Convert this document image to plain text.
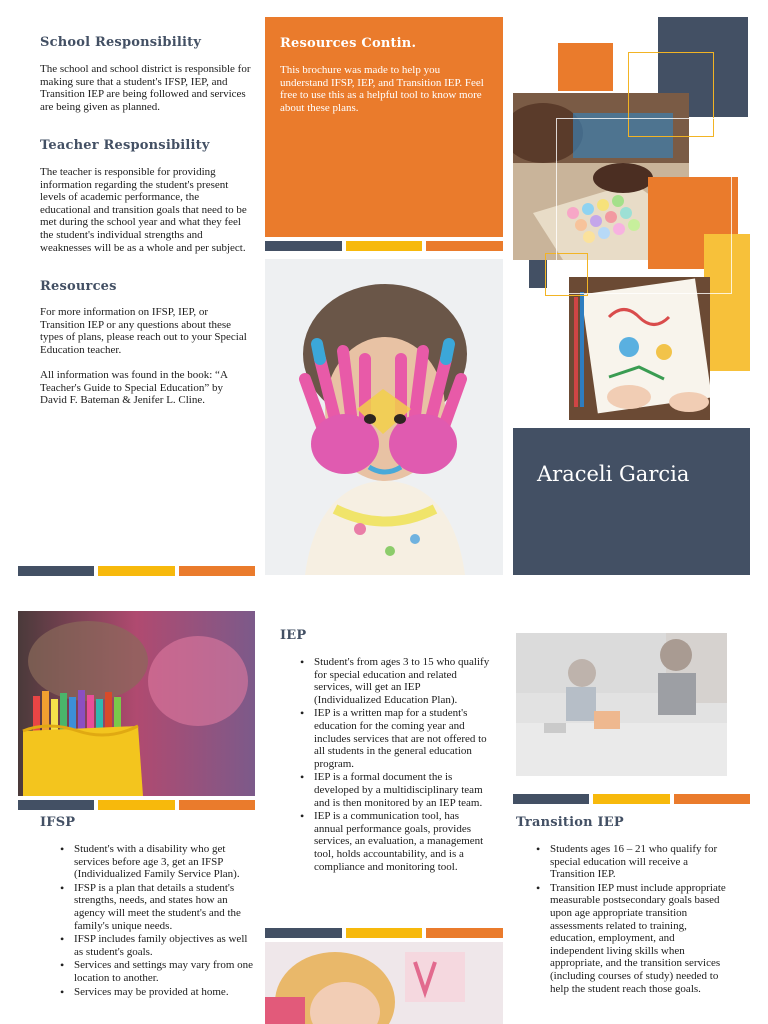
School Responsibility
The school and school district is responsible for making sure that a student's IFSP, IEP, and Transition IEP are being followed and services are being given as planned.
Teacher Responsibility
The teacher is responsible for providing information regarding the student's present levels of academic performance, the educational and transition goals that need to be met during the school year and what they feel the student's individual strengths and weaknesses will be as a whole and per subject.
Resources
For more information on IFSP, IEP, or Transition IEP or any questions about these types of plans, please reach out to your Special Education teacher.
All information was found in the book: “A Teacher's Guide to Special Education” by David F. Bateman & Jenifer L. Cline.
Resources Contin.
This brochure was made to help you understand IFSP, IEP, and Transition IEP. Feel free to use this as a helpful tool to know more about these plans.
Araceli Garcia
IFSP
• Student's with a disability who get services before age 3, get an IFSP (Individualized Family Service Plan).
• IFSP is a plan that details a student's strengths, needs, and states how an agency will meet the student's and the family's unique needs.
• IFSP includes family objectives as well as student's goals.
• Services and settings may vary from one location to another.
• Services may be provided at home.
IEP
• Student's from ages 3 to 15 who qualify for special education and related services, will get an IEP (Individualized Education Plan).
• IEP is a written map for a student's education for the coming year and includes services that are not offered to all students in the general education program.
• IEP is a formal document the is developed by a multidisciplinary team and is then monitored by an IEP team.
• IEP is a communication tool, has annual performance goals, provides services, an evaluation, a management tool, holds accountability, and is a compliance and monitoring tool.
Transition IEP
• Students ages 16 – 21 who qualify for special education will receive a Transition IEP.
• Transition IEP must include appropriate measurable postsecondary goals based upon age appropriate transition assessments related to training, education, employment, and independent living skills when appropriate, and the transition services (including courses of study) needed to help the student reach those goals.
